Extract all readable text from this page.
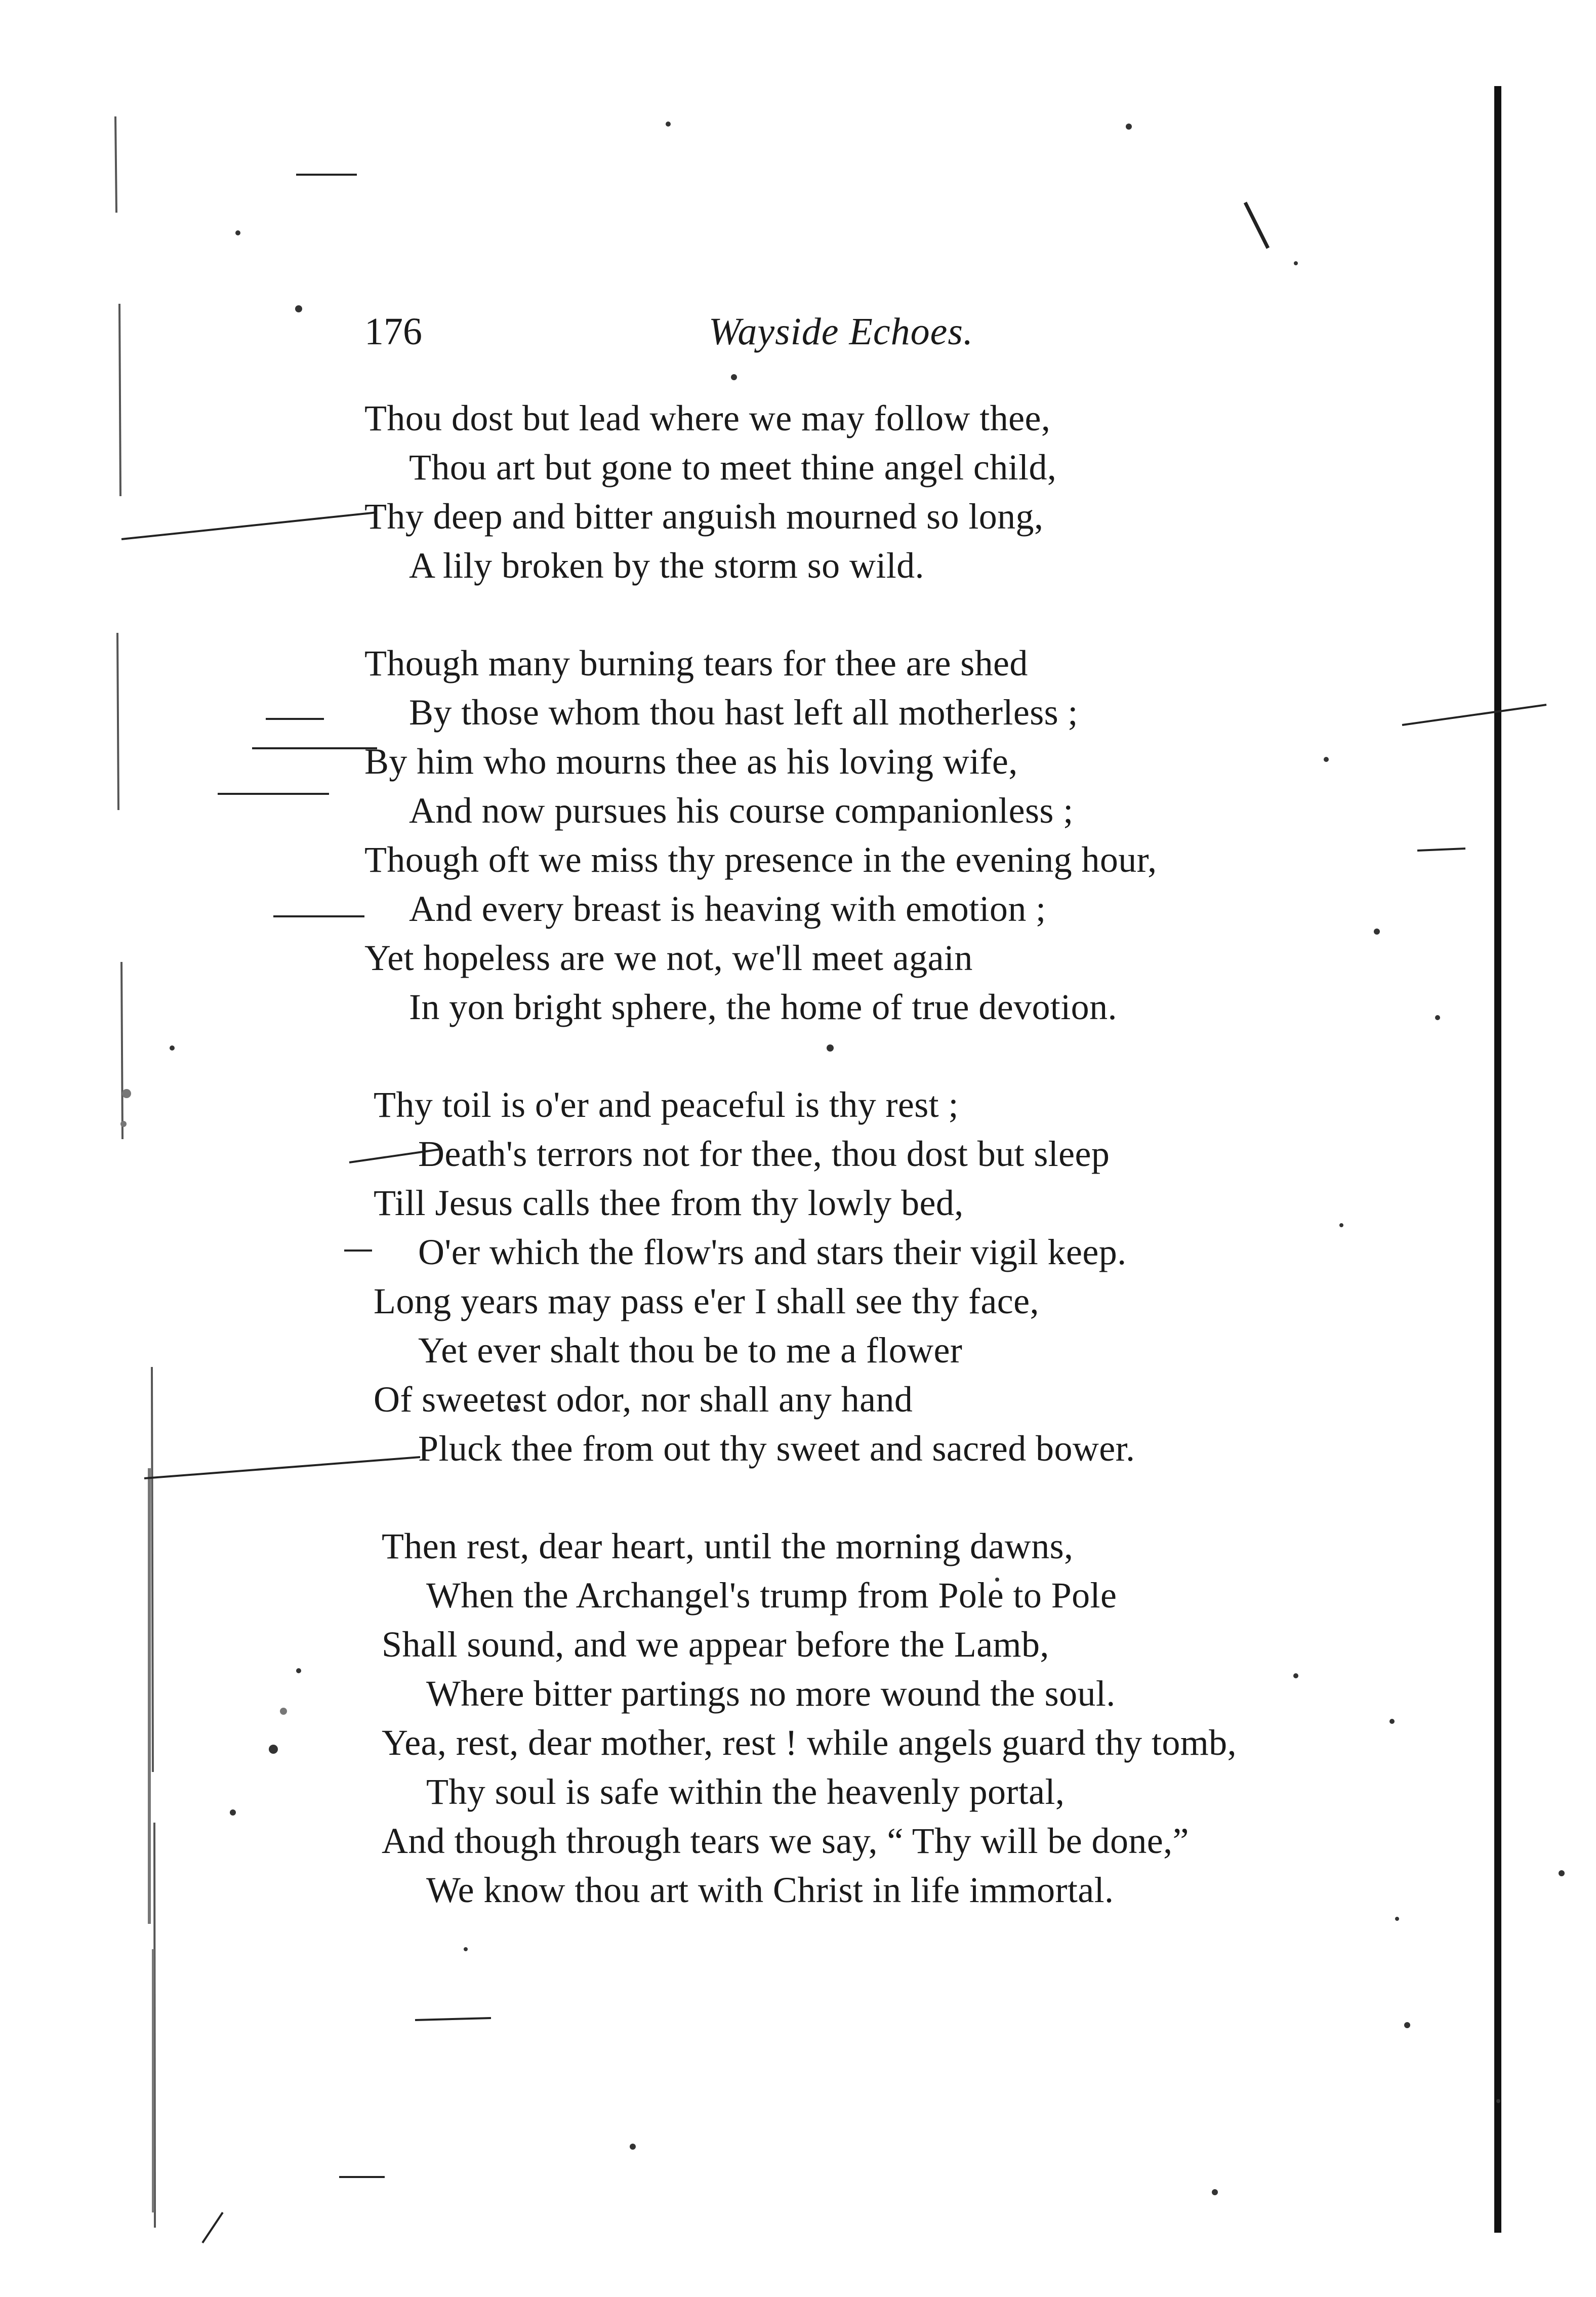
176	Wayside Echoes.
Thou dost but lead where we may follow thee,
Thou art but gone to meet thine angel child,
Thy deep and bitter anguish mourned so long,
A lily broken by the storm so wild.
Though many burning tears for thee are shed
By those whom thou hast left all motherless ;
By him who mourns thee as his loving wife,
And now pursues his course companionless ;
Though oft we miss thy presence in the evening hour,
And every breast is heaving with emotion ;
Yet hopeless are we not, we'll meet again
In yon bright sphere, the home of true devotion.
Thy toil is o'er and peaceful is thy rest ;
Death's terrors not for thee, thou dost but sleep
Till Jesus calls thee from thy lowly bed,
O'er which the flow'rs and stars their vigil keep.
Long years may pass e'er I shall see thy face,
Yet ever shalt thou be to me a flower
Of sweetest odor, nor shall any hand
Pluck thee from out thy sweet and sacred bower.
Then rest, dear heart, until the morning dawns,
When the Archangel's trump from Pole to Pole
Shall sound, and we appear before the Lamb,
Where bitter partings no more wound the soul.
Yea, rest, dear mother, rest ! while angels guard thy tomb,
Thy soul is safe within the heavenly portal,
And though through tears we say, “ Thy will be done,”
We know thou art with Christ in life immortal.
